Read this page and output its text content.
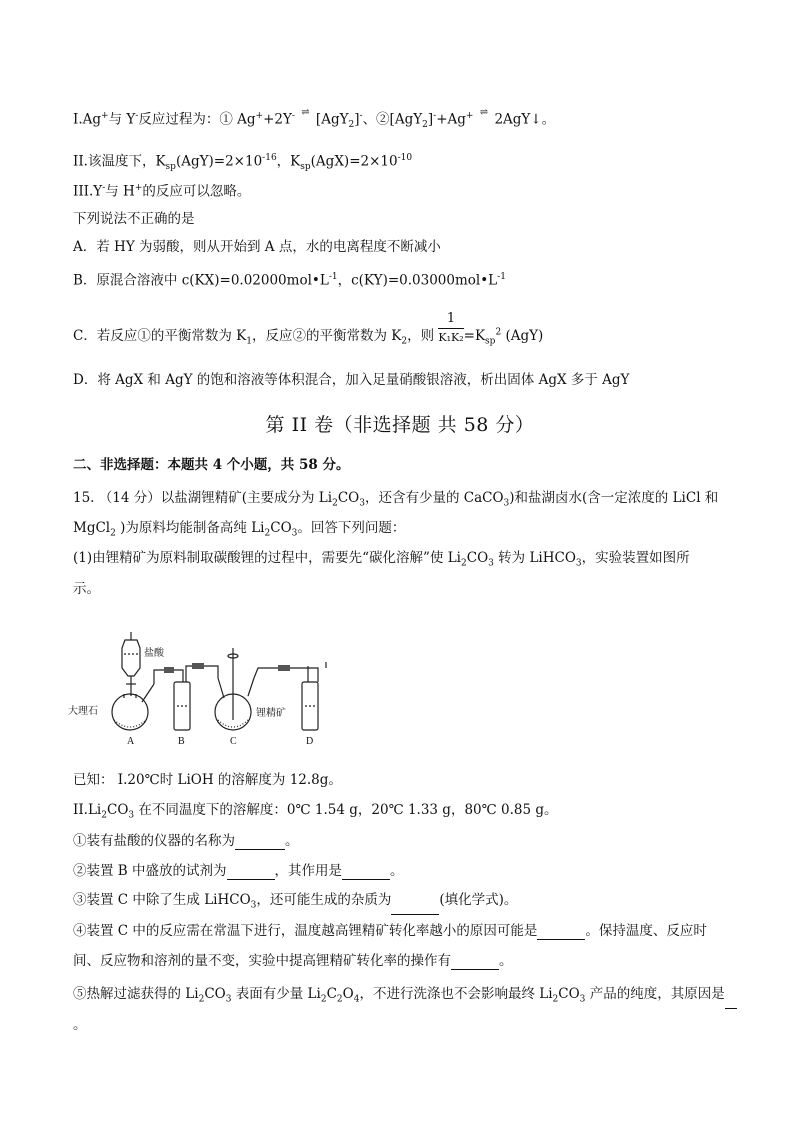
I.Ag+与 Y-反应过程为：① Ag++2Y- ⇌ [AgY$_2$]-、②[AgY$_2$]-+Ag+ ⇌ 2AgY↓。
II.该温度下，$K_{sp}(AgY)=2\times 10^{-16}$，$K_{sp}(AgX)=2\times 10^{-10}$
III.Y-与 H+的反应可以忽略。
下列说法不正确的是
A．若 HY 为弱酸，则从开始到 A 点，水的电离程度不断减小
B．原混合溶液中 $c(KX)=0.02000mol•L^{-1}$，$c(KY)=0.03000mol•L^{-1}$
C．若反应①的平衡常数为 $K_1$，反应②的平衡常数为 $K_2$，则 $\frac{1}{\text{K₁K₂}} =K_{sp}^2$ (AgY)
D．将 AgX 和 AgY 的饱和溶液等体积混合，加入足量硝酸银溶液，析出固体 AgX 多于 AgY
第 II 卷（非选择题 共 58 分）
二、非选择题：本题共 4 个小题，共 58 分。
15. （14 分）以盐湖锂精矿(主要成分为 $Li_2CO_3$，还含有少量的 CaCO$_3$)和盐湖卤水(含一定浓度的 LiCl 和
MgCl$_2$ )为原料均能制备高纯 $Li_2CO_3$。回答下列问题：
(1)由锂精矿为原料制取碳酸锂的过程中，需要先“碳化溶解”使 $Li_2CO_3$ 转为 LiHCO$_3$，实验装置如图所
示。
盐酸
大理石	锂精矿
A	B	C	D
已知： I.20℃时 LiOH 的溶解度为 12.8g。
$II.Li_2CO_3$ 在不同温度下的溶解度：0℃ 1.54 g，20℃ 1.33 g，80℃ 0.85 g。
①装有盐酸的仪器的名称为	。
②装置 B 中盛放的试剂为	，其作用是	。
③装置 C 中除了生成 LiHCO$_3$，还可能生成的杂质为	(填化学式)。
④装置 C 中的反应需在常温下进行，温度越高锂精矿转化率越小的原因可能是	。保持温度、反应时
间、反应物和溶剂的量不变，实验中提高锂精矿转化率的操作有	。
⑤热解过滤获得的 $Li_2CO_3$ 表面有少量 $Li_2C_2O_4$，不进行洗涤也不会影响最终 $Li_2CO_3$ 产品的纯度，其原因是
。
